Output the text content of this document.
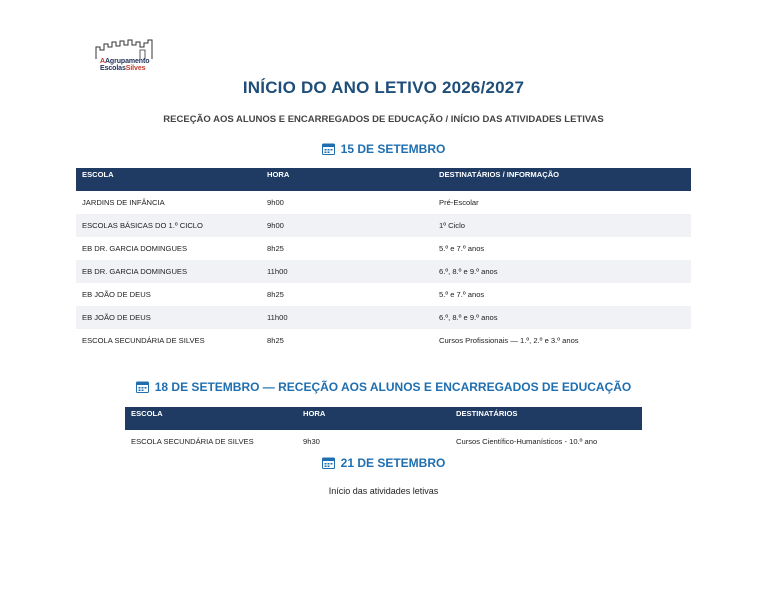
AAgrupamento
EscolasSilves
INÍCIO DO ANO LETIVO 2026/2027
RECEÇÃO AOS ALUNOS E ENCARREGADOS DE EDUCAÇÃO / INÍCIO DAS ATIVIDADES LETIVAS
15 DE SETEMBRO
ESCOLA	HORA	DESTINATÁRIOS / INFORMAÇÃO
JARDINS DE INFÂNCIA	9h00	Pré-Escolar
ESCOLAS BÁSICAS DO 1.º CICLO	9h00	1º Ciclo
EB DR. GARCIA DOMINGUES	8h25	5.º e 7.º anos
EB DR. GARCIA DOMINGUES	11h00	6.º, 8.º e 9.º anos
EB JOÃO DE DEUS	8h25	5.º e 7.º anos
EB JOÃO DE DEUS	11h00	6.º, 8.º e 9.º anos
ESCOLA SECUNDÁRIA DE SILVES	8h25	Cursos Profissionais — 1.º, 2.º e 3.º anos
18 DE SETEMBRO — RECEÇÃO AOS ALUNOS E ENCARREGADOS DE EDUCAÇÃO
ESCOLA	HORA	DESTINATÁRIOS
ESCOLA SECUNDÁRIA DE SILVES	9h30	Cursos Científico-Humanísticos - 10.º ano
21 DE SETEMBRO
Início das atividades letivas
